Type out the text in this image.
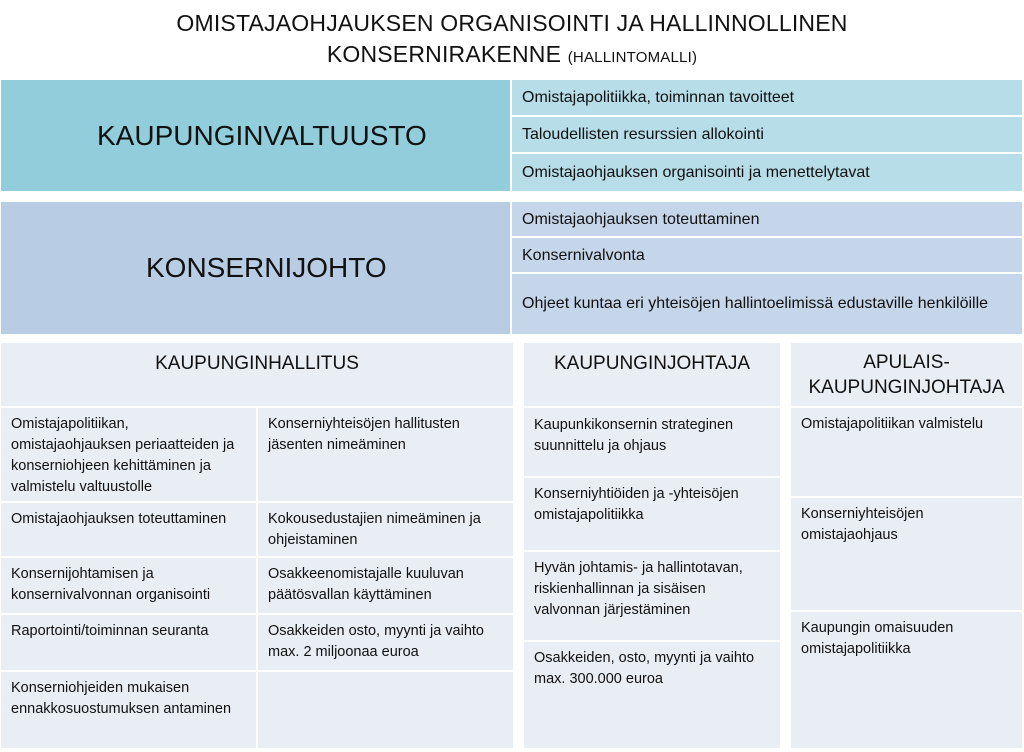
OMISTAJAOHJAUKSEN ORGANISOINTI JA HALLINNOLLINEN
KONSERNIRAKENNE (HALLINTOMALLI)
KAUPUNGINVALTUUSTO
Omistajapolitiikka, toiminnan tavoitteet
Taloudellisten resurssien allokointi
Omistajaohjauksen organisointi ja menettelytavat
KONSERNIJOHTO
Omistajaohjauksen toteuttaminen
Konsernivalvonta
Ohjeet kuntaa eri yhteisöjen hallintoelimissä edustaville henkilöille
KAUPUNGINHALLITUS
Omistajapolitiikan, omistajaohjauksen periaatteiden ja konserniohjeen kehittäminen ja valmistelu valtuustolle
Omistajaohjauksen toteuttaminen
Konsernijohtamisen ja konsernivalvonnan organisointi
Raportointi/toiminnan seuranta
Konserniohjeiden mukaisen ennakkosuostumuksen antaminen
Konserniyhteisöjen hallitusten jäsenten nimeäminen
Kokousedustajien nimeäminen ja ohjeistaminen
Osakkeenomistajalle kuuluvan päätösvallan käyttäminen
Osakkeiden osto, myynti ja vaihto max. 2 miljoonaa euroa
KAUPUNGINJOHTAJA
Kaupunkikonsernin strateginen suunnittelu ja ohjaus
Konserniyhtiöiden ja -yhteisöjen omistajapolitiikka
Hyvän johtamis- ja hallintotavan, riskienhallinnan ja sisäisen valvonnan järjestäminen
Osakkeiden, osto, myynti ja vaihto max. 300.000 euroa
APULAIS-
KAUPUNGINJOHTAJA
Omistajapolitiikan valmistelu
Konserniyhteisöjen omistajaohjaus
Kaupungin omaisuuden omistajapolitiikka
